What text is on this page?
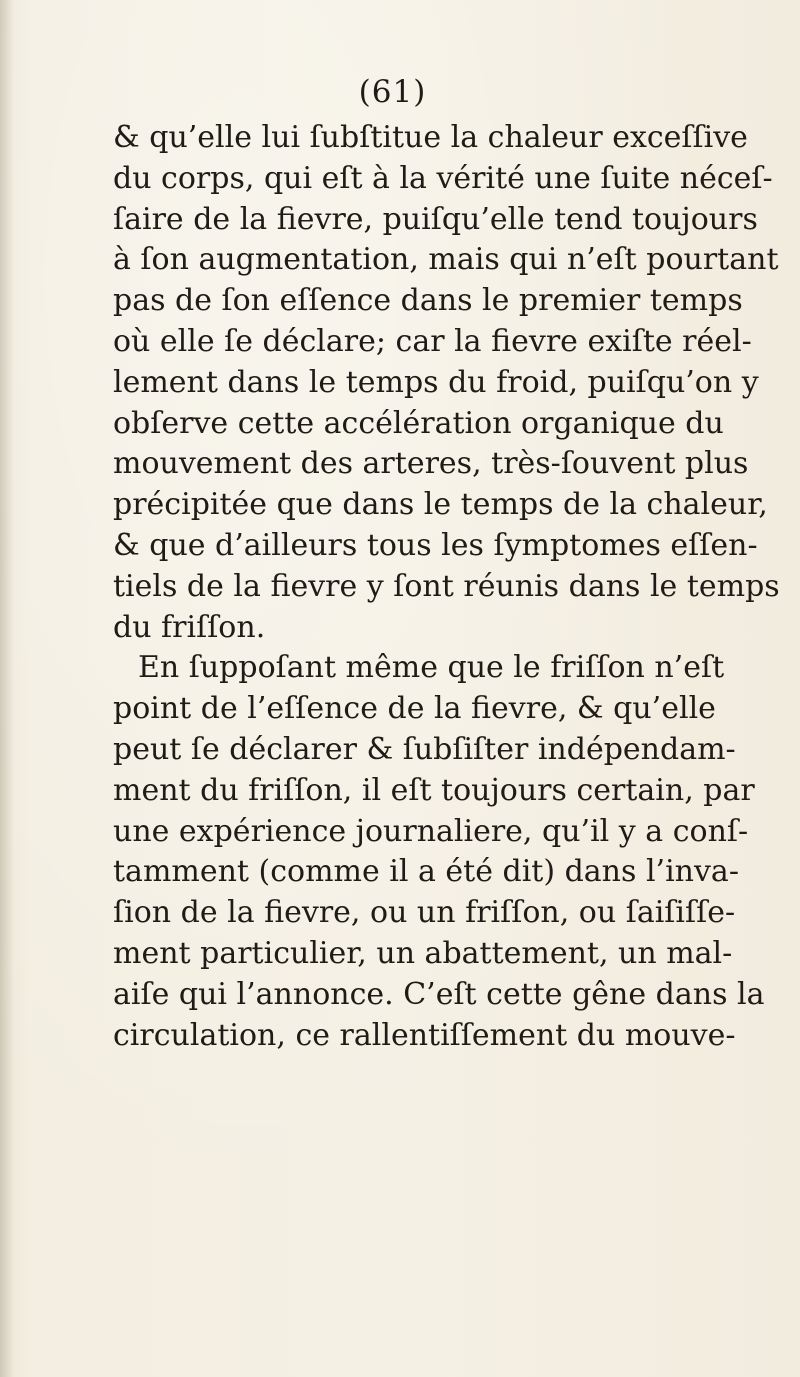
(61)
& qu’elle lui ſubſtitue la chaleur exceſſive
du corps, qui eſt à la vérité une ſuite néceſ-
ſaire de la fievre, puiſqu’elle tend toujours
à ſon augmentation, mais qui n’eſt pourtant
pas de ſon eſſence dans le premier temps
où elle ſe déclare; car la fievre exiſte réel-
lement dans le temps du froid, puiſqu’on y
obſerve cette accélération organique du
mouvement des arteres, très-ſouvent plus
précipitée que dans le temps de la chaleur,
& que d’ailleurs tous les ſymptomes eſſen-
tiels de la fievre y ſont réunis dans le temps
du friſſon.
En ſuppoſant même que le friſſon n’eſt
point de l’eſſence de la fievre, & qu’elle
peut ſe déclarer & ſubſiſter indépendam-
ment du friſſon, il eſt toujours certain, par
une expérience journaliere, qu’il y a conſ-
tamment (comme il a été dit) dans l’inva-
ſion de la fievre, ou un friſſon, ou ſaiſiſſe-
ment particulier, un abattement, un mal-
aiſe qui l’annonce. C’eſt cette gêne dans la
circulation, ce rallentiſſement du mouve-
